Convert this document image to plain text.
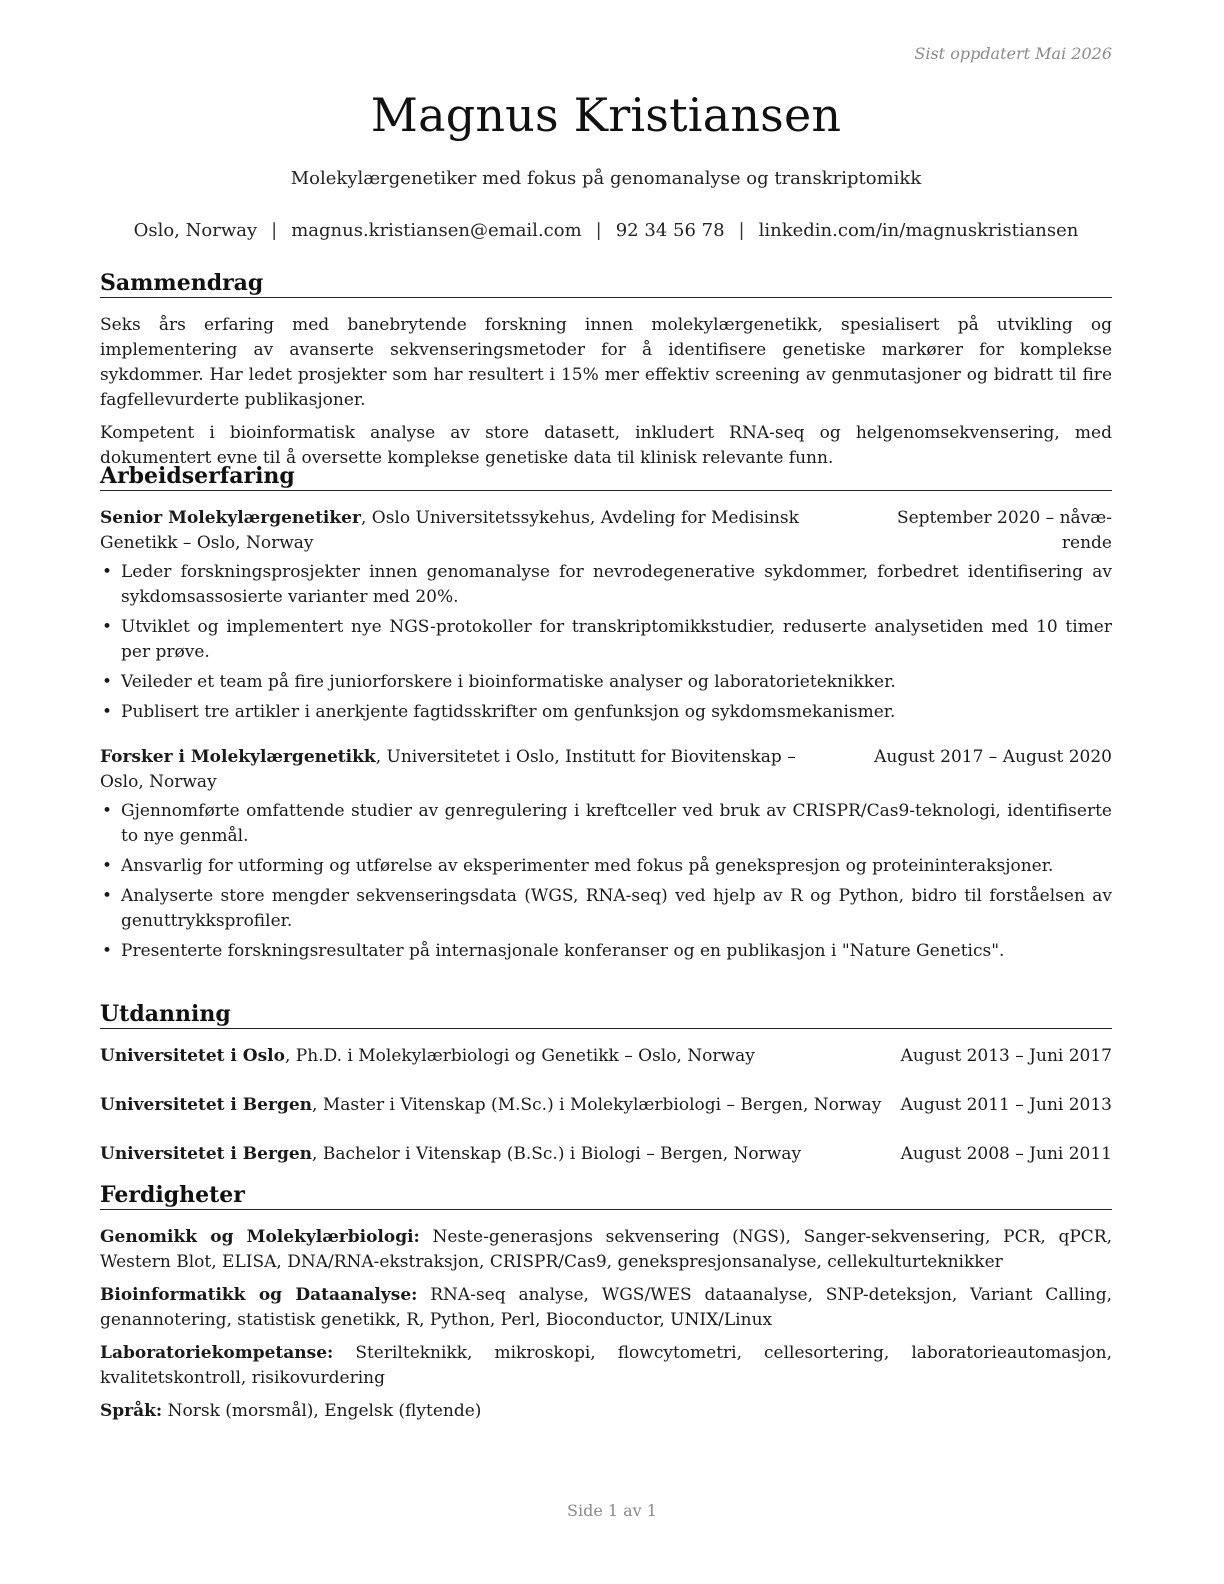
Sist oppdatert Mai 2026
Magnus Kristiansen
Molekylærgenetiker med fokus på genomanalyse og transkriptomikk
Oslo, Norway | magnus.kristiansen@email.com | 92 34 56 78 | linkedin.com/in/magnuskristiansen
Sammendrag

Seks års erfaring med banebrytende forskning innen molekylærgenetikk, spesialisert på utvikling og implementering av avanserte sekvenseringsmetoder for å identifisere genetiske markører for komplekse sykdommer. Har ledet prosjekter som har resultert i 15% mer effektiv screening av genmutasjoner og bidratt til fire fagfellevurderte publikasjoner.

Kompetent i bioinformatisk analyse av store datasett, inkludert RNA-seq og helgenomsekvensering, med dokumentert evne til å oversette komplekse genetiske data til klinisk relevante funn.

Arbeidserfaring
Senior Molekylærgenetiker, Oslo Universitetssykehus, Avdeling for Medisinsk Genetikk – Oslo, Norway
September 2020 – nåvæ-
rende
• Leder forskningsprosjekter innen genomanalyse for nevrodegenerative sykdommer, forbedret identifisering av sykdomsassosierte varianter med 20%.
• Utviklet og implementert nye NGS-protokoller for transkriptomikkstudier, reduserte analysetiden med 10 timer per prøve.
• Veileder et team på fire juniorforskere i bioinformatiske analyser og laboratorieteknikker.
• Publisert tre artikler i anerkjente fagtidsskrifter om genfunksjon og sykdomsmekanismer.
Forsker i Molekylærgenetikk, Universitetet i Oslo, Institutt for Biovitenskap – Oslo, Norway
August 2017 – August 2020
• Gjennomførte omfattende studier av genregulering i kreftceller ved bruk av CRISPR/Cas9-teknologi, identifiserte to nye genmål.
• Ansvarlig for utforming og utførelse av eksperimenter med fokus på genekspresjon og proteininteraksjoner.
• Analyserte store mengder sekvenseringsdata (WGS, RNA-seq) ved hjelp av R og Python, bidro til forståelsen av genuttrykksprofiler.
• Presenterte forskningsresultater på internasjonale konferanser og en publikasjon i "Nature Genetics".
Utdanning
Universitetet i Oslo, Ph.D. i Molekylærbiologi og Genetikk – Oslo, Norway	August 2013 – Juni 2017
Universitetet i Bergen, Master i Vitenskap (M.Sc.) i Molekylærbiologi – Bergen, Norway August 2011 – Juni 2013
Universitetet i Bergen, Bachelor i Vitenskap (B.Sc.) i Biologi – Bergen, Norway	August 2008 – Juni 2011
Ferdigheter
Genomikk og Molekylærbiologi: Neste-generasjons sekvensering (NGS), Sanger-sekvensering, PCR, qPCR, Western Blot, ELISA, DNA/RNA-ekstraksjon, CRISPR/Cas9, genekspresjonsanalyse, cellekulturteknikker
Bioinformatikk og Dataanalyse: RNA-seq analyse, WGS/WES dataanalyse, SNP-deteksjon, Variant Calling, genannotering, statistisk genetikk, R, Python, Perl, Bioconductor, UNIX/Linux
Laboratoriekompetanse: Sterilteknikk, mikroskopi, flowcytometri, cellesortering, laboratorieautomasjon, kvalitetskontroll, risikovurdering
Språk: Norsk (morsmål), Engelsk (flytende)
Side 1 av 1
